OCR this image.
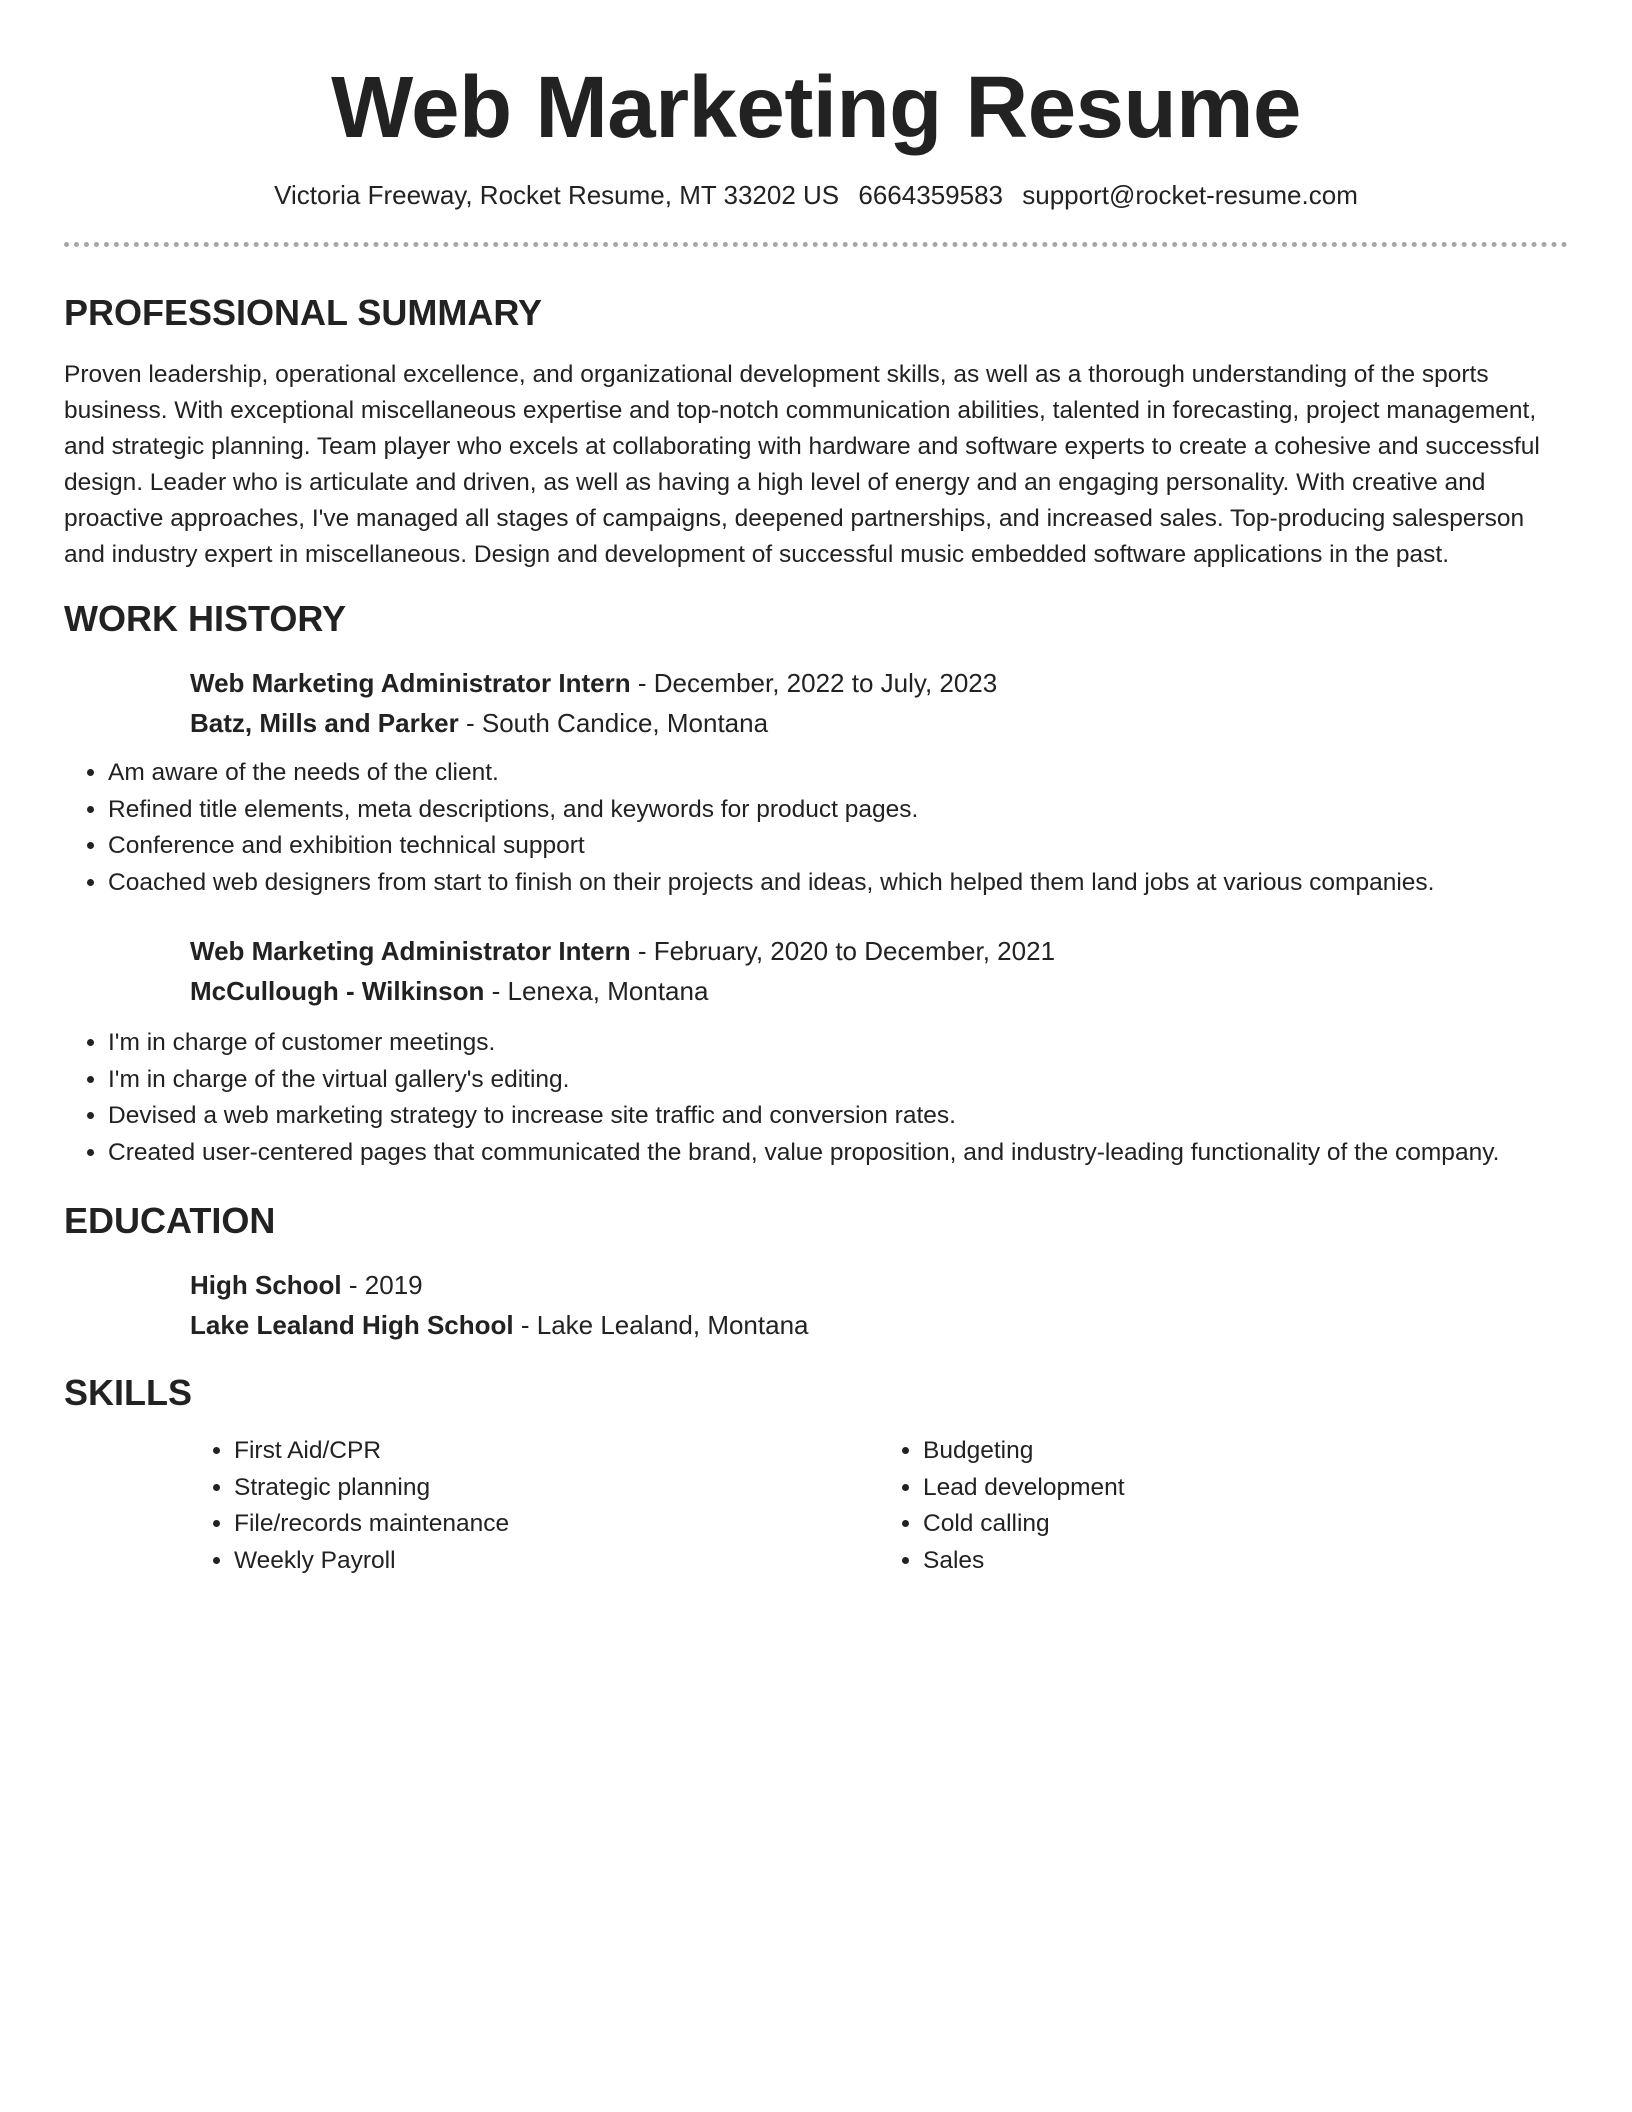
Web Marketing Resume
Victoria Freeway, Rocket Resume, MT 33202 US 6664359583 support@rocket-resume.com
PROFESSIONAL SUMMARY

Proven leadership, operational excellence, and organizational development skills, as well as a thorough understanding of the sports business. With exceptional miscellaneous expertise and top-notch communication abilities, talented in forecasting, project management, and strategic planning. Team player who excels at collaborating with hardware and software experts to create a cohesive and successful design. Leader who is articulate and driven, as well as having a high level of energy and an engaging personality. With creative and proactive approaches, I've managed all stages of campaigns, deepened partnerships, and increased sales. Top-producing salesperson and industry expert in miscellaneous. Design and development of successful music embedded software applications in the past.

WORK HISTORY

Web Marketing Administrator Intern - December, 2022 to July, 2023

Batz, Mills and Parker - South Candice, Montana

• Am aware of the needs of the client.
• Refined title elements, meta descriptions, and keywords for product pages.
• Conference and exhibition technical support
• Coached web designers from start to finish on their projects and ideas, which helped them land jobs at various companies.

Web Marketing Administrator Intern - February, 2020 to December, 2021

McCullough - Wilkinson - Lenexa, Montana

• I'm in charge of customer meetings.
• I'm in charge of the virtual gallery's editing.
• Devised a web marketing strategy to increase site traffic and conversion rates.
• Created user-centered pages that communicated the brand, value proposition, and industry-leading functionality of the company.
EDUCATION

High School - 2019

Lake Lealand High School - Lake Lealand, Montana

SKILLS
• First Aid/CPR
• Strategic planning
• File/records maintenance
• Weekly Payroll
• Budgeting
• Lead development
• Cold calling
• Sales
